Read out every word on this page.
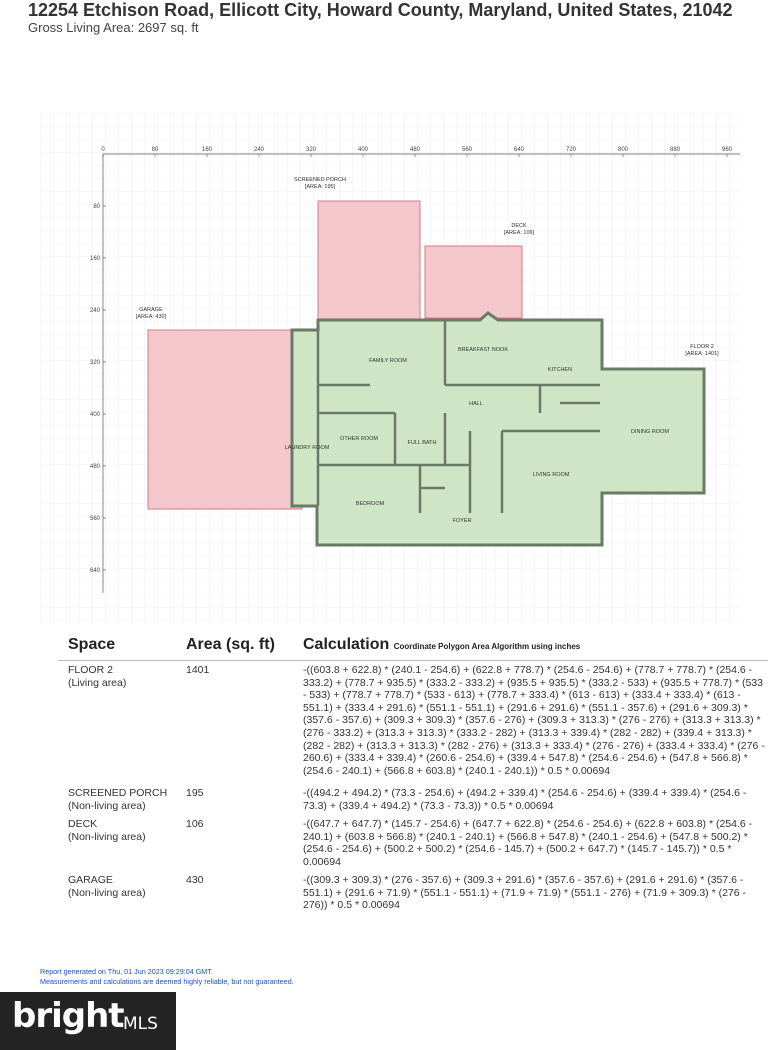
12254 Etchison Road, Ellicott City, Howard County, Maryland, United States, 21042
Gross Living Area: 2697 sq. ft
0	80	160	240	320	400	480	560	640	720	800	880	960
80
160
240
320
400
480
560
640
SCREENED PORCH
[AREA: 195]
DECK
[AREA: 106]
GARAGE
[AREA: 430]
FLOOR 2
[AREA: 1401]
FAMILY ROOM
BREAKFAST NOOK
KITCHEN
HALL
DINING ROOM
OTHER ROOM
FULL BATH
LAUNDRY ROOM
LIVING ROOM
BEDROOM
FOYER
Space	Area (sq. ft) Calculation Coordinate Polygon Area Algorithm using inches
FLOOR 2
(Living area)
1401	-((603.8 + 622.8) * (240.1 - 254.6) + (622.8 + 778.7) * (254.6 - 254.6) + (778.7 + 778.7) * (254.6 - 333.2) + (778.7 + 935.5) * (333.2 - 333.2) + (935.5 + 935.5) * (333.2 - 533) + (935.5 + 778.7) * (533 - 533) + (778.7 + 778.7) * (533 - 613) + (778.7 + 333.4) * (613 - 613) + (333.4 + 333.4) * (613 - 551.1) + (333.4 + 291.6) * (551.1 - 551.1) + (291.6 + 291.6) * (551.1 - 357.6) + (291.6 + 309.3) * (357.6 - 357.6) + (309.3 + 309.3) * (357.6 - 276) + (309.3 + 313.3) * (276 - 276) + (313.3 + 313.3) * (276 - 333.2) + (313.3 + 313.3) * (333.2 - 282) + (313.3 + 339.4) * (282 - 282) + (339.4 + 313.3) * (282 - 282) + (313.3 + 313.3) * (282 - 276) + (313.3 + 333.4) * (276 - 276) + (333.4 + 333.4) * (276 - 260.6) + (333.4 + 339.4) * (260.6 - 254.6) + (339.4 + 547.8) * (254.6 - 254.6) + (547.8 + 566.8) * (254.6 - 240.1) + (566.8 + 603.8) * (240.1 - 240.1)) * 0.5 * 0.00694
SCREENED PORCH
(Non-living area)
195	-((494.2 + 494.2) * (73.3 - 254.6) + (494.2 + 339.4) * (254.6 - 254.6) + (339.4 + 339.4) * (254.6 - 73.3) + (339.4 + 494.2) * (73.3 - 73.3)) * 0.5 * 0.00694
DECK
(Non-living area)
106	-((647.7 + 647.7) * (145.7 - 254.6) + (647.7 + 622.8) * (254.6 - 254.6) + (622.8 + 603.8) * (254.6 - 240.1) + (603.8 + 566.8) * (240.1 - 240.1) + (566.8 + 547.8) * (240.1 - 254.6) + (547.8 + 500.2) * (254.6 - 254.6) + (500.2 + 500.2) * (254.6 - 145.7) + (500.2 + 647.7) * (145.7 - 145.7)) * 0.5 * 0.00694
GARAGE
(Non-living area)
430	-((309.3 + 309.3) * (276 - 357.6) + (309.3 + 291.6) * (357.6 - 357.6) + (291.6 + 291.6) * (357.6 - 551.1) + (291.6 + 71.9) * (551.1 - 551.1) + (71.9 + 71.9) * (551.1 - 276) + (71.9 + 309.3) * (276 - 276)) * 0.5 * 0.00694
Report generated on Thu, 01 Jun 2023 09:29:04 GMT.
Measurements and calculations are deemed highly reliable, but not guaranteed.
bright MLS
